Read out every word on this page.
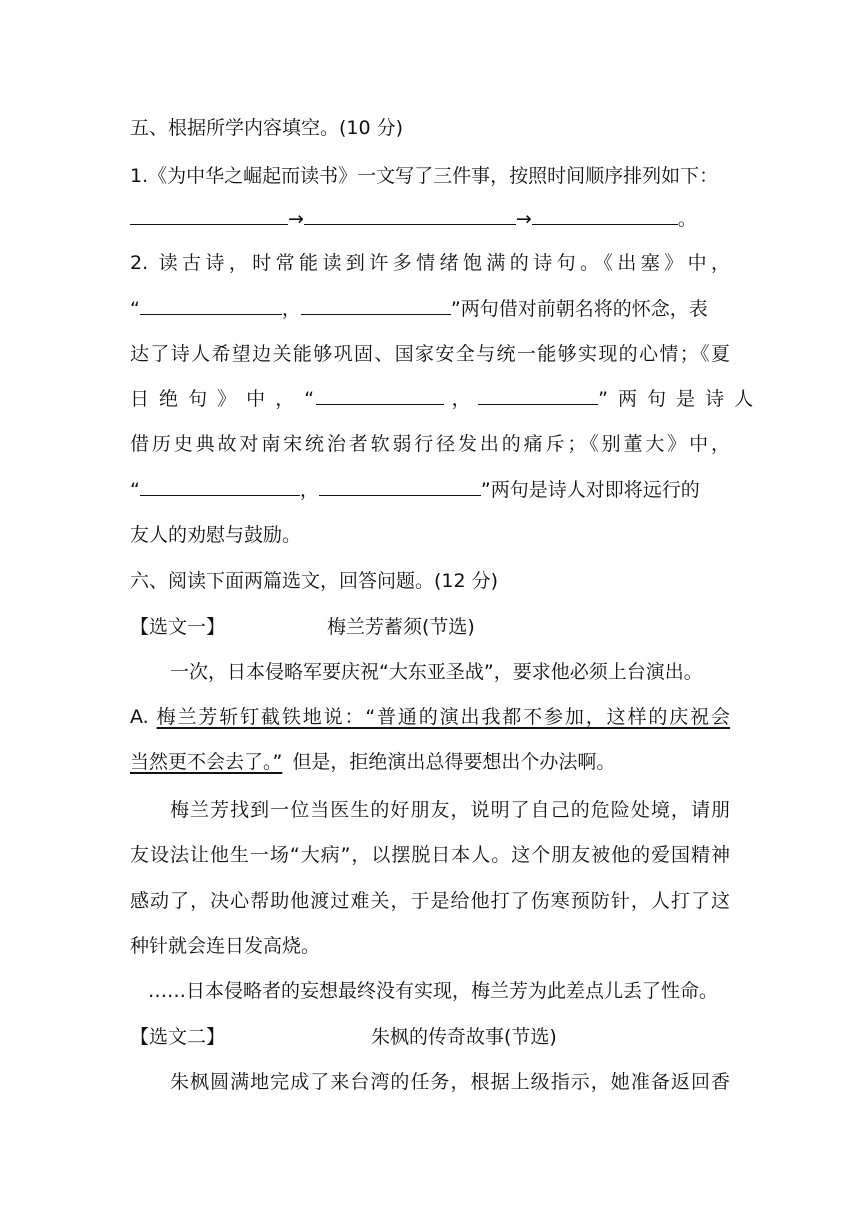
五、根据所学内容填空。(10 分)
1.《为中华之崛起而读书》一文写了三件事，按照时间顺序排列如下：
→	→	。
2. 读古诗，时常能读到许多情绪饱满的诗句。《出塞》中，
“	，	”两句借对前朝名将的怀念，表
达了诗人希望边关能够巩固、国家安全与统一能够实现的心情；《夏
日 绝 句 》 中 ， “	，	” 两 句 是 诗 人
借历史典故对南宋统治者软弱行径发出的痛斥；《别董大》中，
“	，	”两句是诗人对即将远行的
友人的劝慰与鼓励。
六、阅读下面两篇选文，回答问题。(12 分)
【选文一】	梅兰芳蓄须(节选)
一次，日本侵略军要庆祝“大东亚圣战”，要求他必须上台演出。
A. 梅兰芳斩钉截铁地说：“普通的演出我都不参加，这样的庆祝会
当然更不会去了。” 但是，拒绝演出总得要想出个办法啊。
梅兰芳找到一位当医生的好朋友，说明了自己的危险处境，请朋
友设法让他生一场“大病”，以摆脱日本人。这个朋友被他的爱国精神
感动了，决心帮助他渡过难关，于是给他打了伤寒预防针，人打了这
种针就会连日发高烧。
……日本侵略者的妄想最终没有实现，梅兰芳为此差点儿丢了性命。
【选文二】	朱枫的传奇故事(节选)
朱枫圆满地完成了来台湾的任务，根据上级指示，她准备返回香
